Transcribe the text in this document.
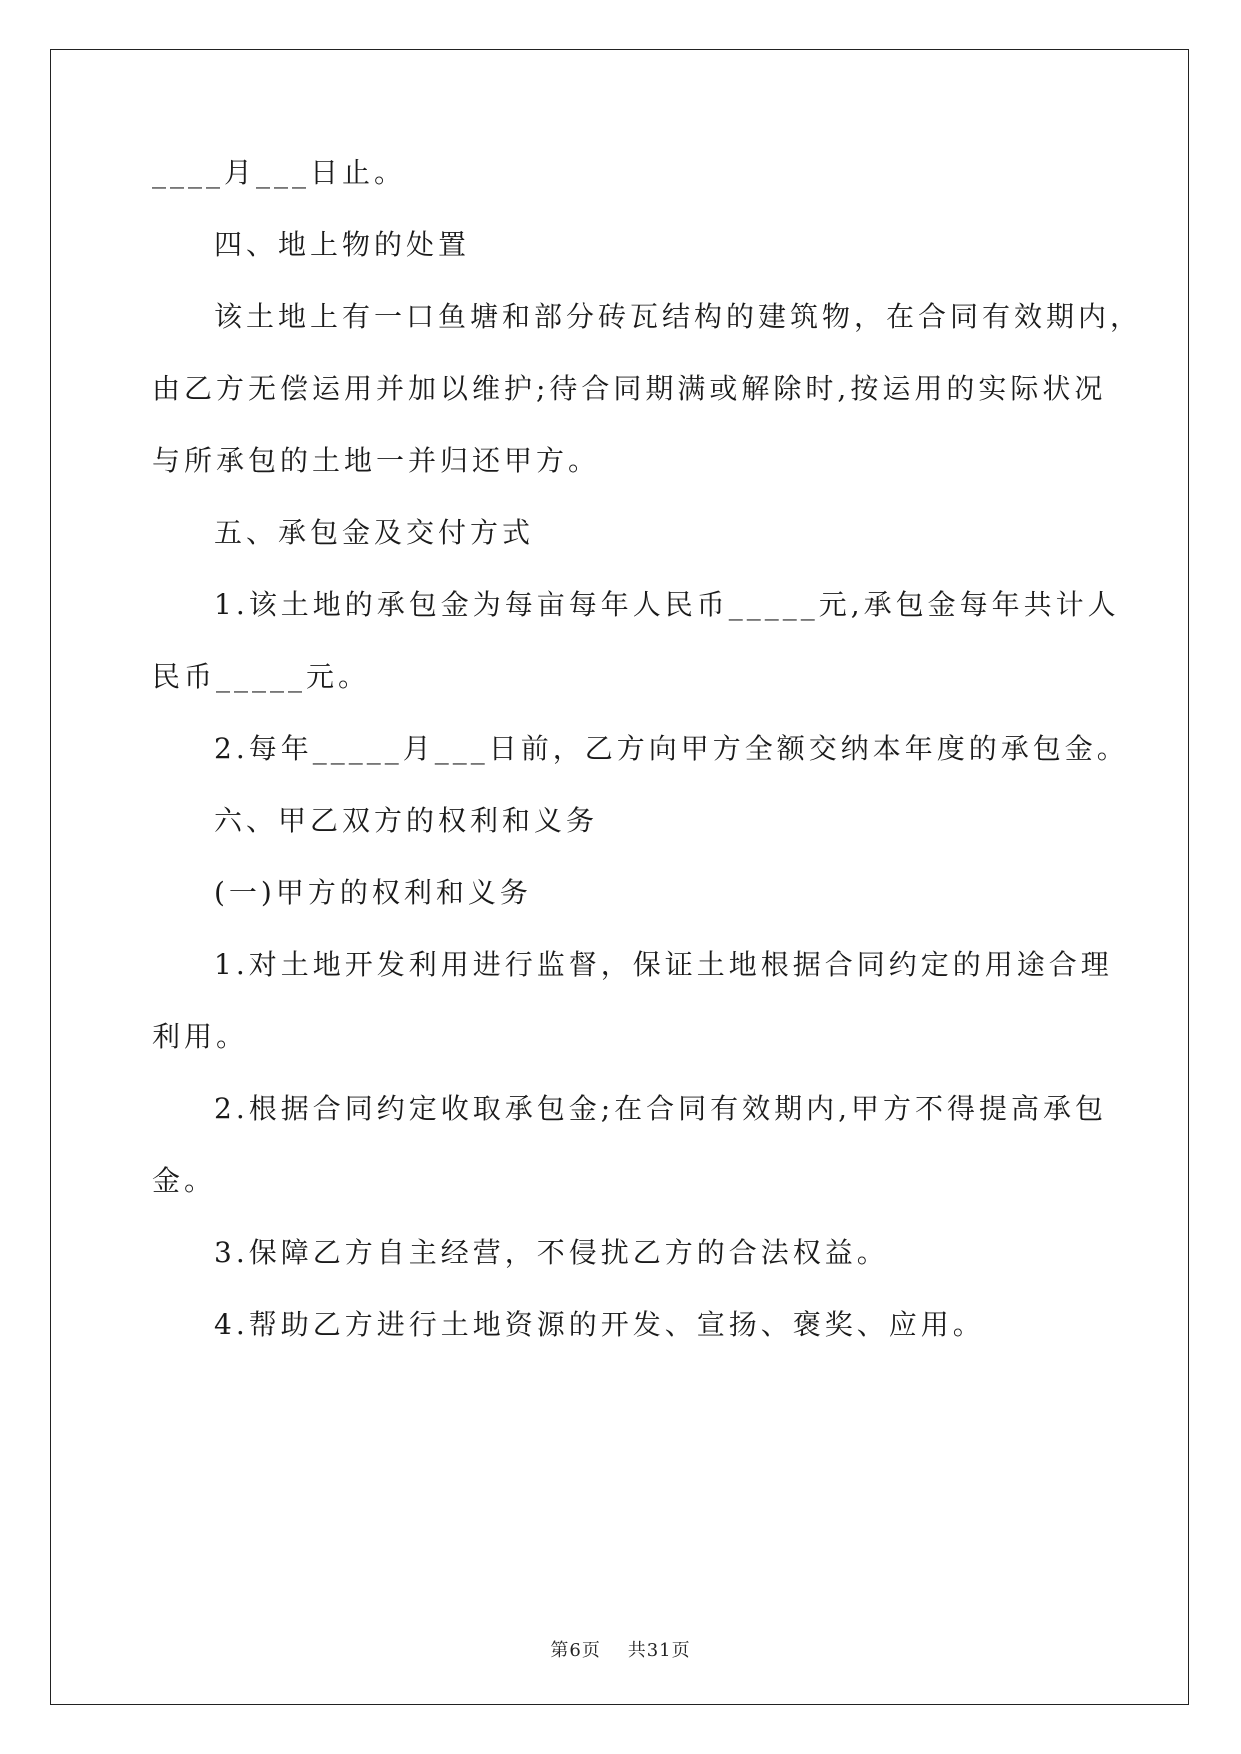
____月___日止。
四、地上物的处置
该土地上有一口鱼塘和部分砖瓦结构的建筑物，在合同有效期内，
由乙方无偿运用并加以维护;待合同期满或解除时,按运用的实际状况
与所承包的土地一并归还甲方。
五、承包金及交付方式
1.该土地的承包金为每亩每年人民币_____元,承包金每年共计人
民币_____元。
2.每年_____月___日前，乙方向甲方全额交纳本年度的承包金。
六、甲乙双方的权利和义务
(一)甲方的权利和义务
1.对土地开发利用进行监督，保证土地根据合同约定的用途合理
利用。
2.根据合同约定收取承包金;在合同有效期内,甲方不得提高承包
金。
3.保障乙方自主经营，不侵扰乙方的合法权益。
4.帮助乙方进行土地资源的开发、宣扬、褒奖、应用。
第6页 共31页
